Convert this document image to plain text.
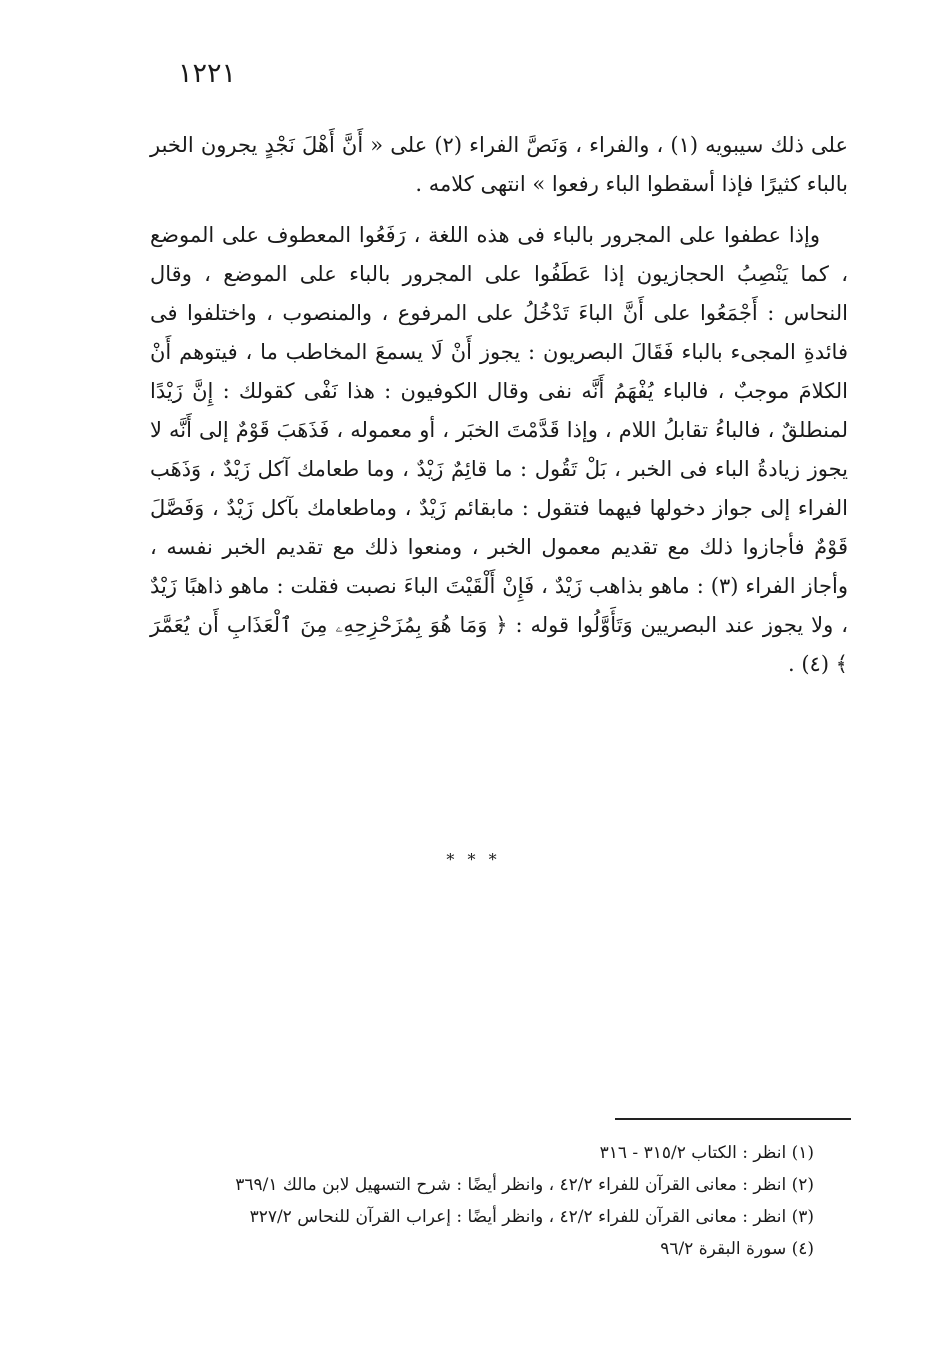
١٢٢١

على ذلك سيبويه (١) ، والفراء ، وَنَصَّ الفراء (٢) على « أَنَّ أَهْلَ نَجْدٍ يجرون الخبر بالباء كثيرًا فإذا أسقطوا الباء رفعوا » انتهى كلامه .

وإذا عطفوا على المجرور بالباء فى هذه اللغة ، رَفَعُوا المعطوف على الموضع ، كما يَنْصِبُ الحجازيون إذا عَطَفُوا على المجرور بالباء على الموضع ، وقال النحاس : أَجْمَعُوا على أَنَّ الباءَ تَدْخُلُ على المرفوع ، والمنصوب ، واختلفوا فى فائدةِ المجىء بالباء فَقَالَ البصريون : يجوز أَنْ لَا يسمعَ المخاطب ما ، فيتوهم أَنْ الكلامَ موجبٌ ، فالباء يُفْهَمُ أَنَّه نفى وقال الكوفيون : هذا نَفْى كقولك : إِنَّ زَيْدًا لمنطلقٌ ، فالباءُ تقابلُ اللام ، وإذا قَدَّمْتَ الخبَر ، أو معموله ، فَذَهَبَ قَوْمٌ إلى أَنَّه لا يجوز زيادةُ الباء فى الخبر ، بَلْ تَقُول : ما قائِمٌ زَيْدٌ ، وما طعامك آكل زَيْدٌ ، وَذَهَب الفراء إلى جواز دخولها فيهما فتقول : مابقائم زَيْدٌ ، وماطعامك بآكل زَيْدٌ ، وَفَصَّلَ قَوْمٌ فأجازوا ذلك مع تقديم معمول الخبر ، ومنعوا ذلك مع تقديم الخبر نفسه ، وأجاز الفراء (٣) : ماهو بذاهب زَيْدٌ ، فَإِنْ أَلْقَيْتَ الباءَ نصبت فقلت : ماهو ذاهبًا زَيْدٌ ، ولا يجوز عند البصريين وَتَأَوَّلُوا قوله : ﴿ وَمَا هُوَ بِمُزَحْزِحِهِۦ مِنَ ٱلْعَذَابِ أَن يُعَمَّرَ ﴾ (٤) .

* * *
(١) انظر : الكتاب ٣١٥/٢ - ٣١٦
(٢) انظر : معانى القرآن للفراء ٤٢/٢ ، وانظر أيضًا : شرح التسهيل لابن مالك ٣٦٩/١
(٣) انظر : معانى القرآن للفراء ٤٢/٢ ، وانظر أيضًا : إعراب القرآن للنحاس ٣٢٧/٢
(٤) سورة البقرة ٩٦/٢
